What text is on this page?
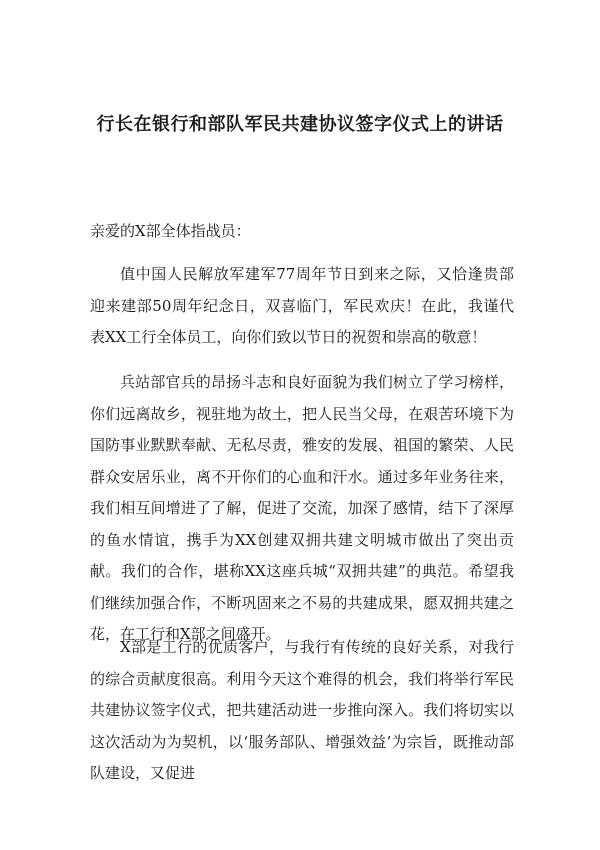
行长在银行和部队军民共建协议签字仪式上的讲话

亲爱的X部全体指战员：

值中国人民解放军建军77周年节日到来之际，又恰逢贵部迎来建部50周年纪念日，双喜临门，军民欢庆！在此，我谨代表XX工行全体员工，向你们致以节日的祝贺和崇高的敬意！

兵站部官兵的昂扬斗志和良好面貌为我们树立了学习榜样，你们远离故乡，视驻地为故土，把人民当父母，在艰苦环境下为国防事业默默奉献、无私尽责，雅安的发展、祖国的繁荣、人民群众安居乐业，离不开你们的心血和汗水。通过多年业务往来，我们相互间增进了了解，促进了交流，加深了感情，结下了深厚的鱼水情谊，携手为XX创建双拥共建文明城市做出了突出贡献。我们的合作，堪称XX这座兵城“双拥共建”的典范。希望我们继续加强合作，不断巩固来之不易的共建成果，愿双拥共建之花，在工行和X部之间盛开。

X部是工行的优质客户，与我行有传统的良好关系，对我行的综合贡献度很高。利用今天这个难得的机会，我们将举行军民共建协议签字仪式，把共建活动进一步推向深入。我们将切实以这次活动为为契机，以‘服务部队、增强效益’为宗旨，既推动部队建设，又促进
